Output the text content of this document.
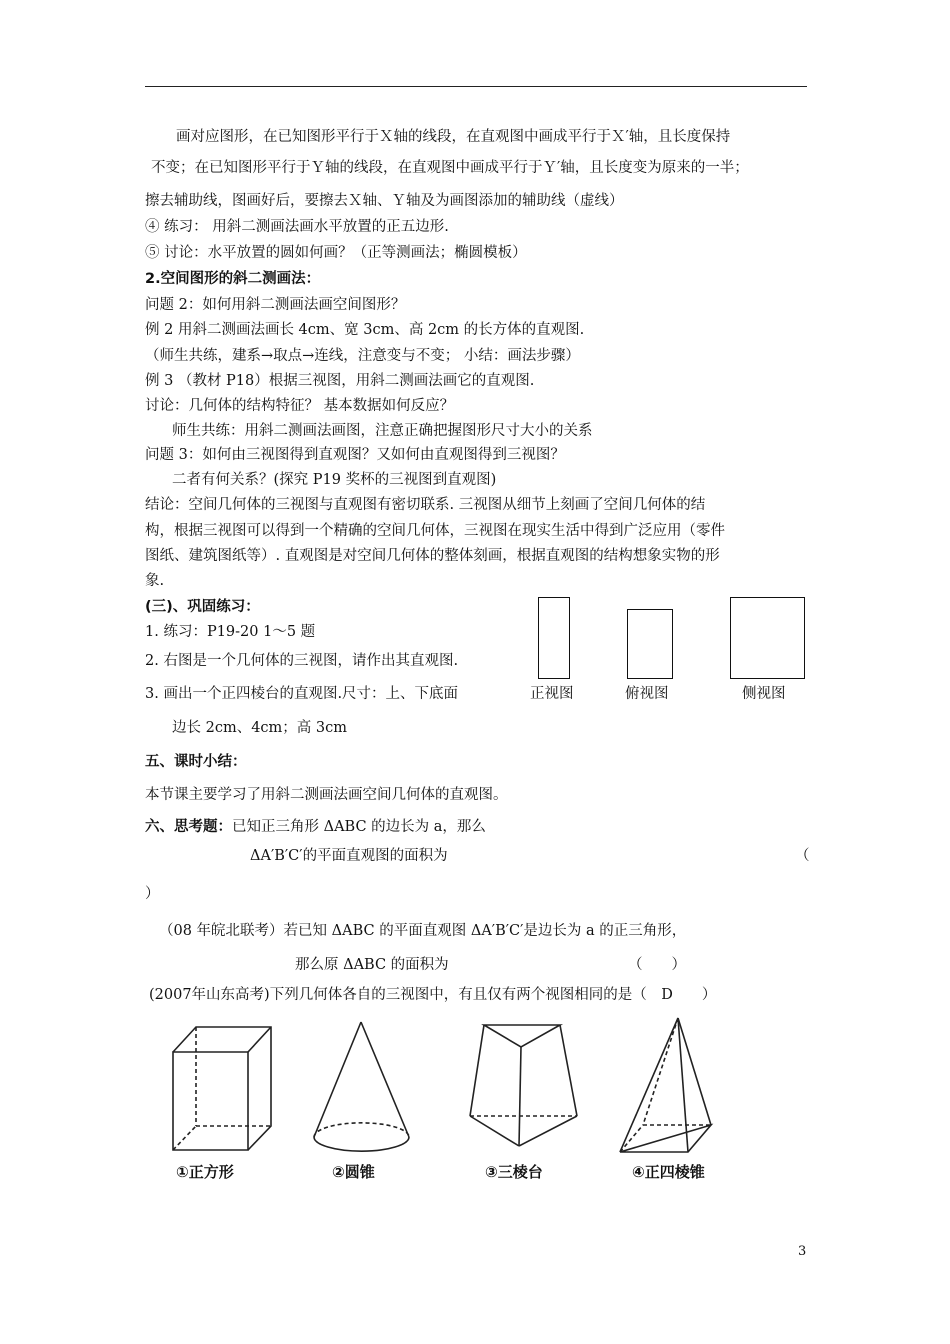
画对应图形，在已知图形平行于Ｘ轴的线段，在直观图中画成平行于Ｘ′轴，且长度保持
不变；在已知图形平行于Ｙ轴的线段，在直观图中画成平行于Ｙ′轴，且长度变为原来的一半；
擦去辅助线，图画好后，要擦去Ｘ轴、Ｙ轴及为画图添加的辅助线（虚线）
④ 练习： 用斜二测画法画水平放置的正五边形.
⑤ 讨论：水平放置的圆如何画？（正等测画法；椭圆模板）
2.空间图形的斜二测画法：
问题 2：如何用斜二测画法画空间图形？
例 2 用斜二测画法画长 4cm、宽 3cm、高 2cm 的长方体的直观图.
（师生共练，建系→取点→连线，注意变与不变； 小结：画法步骤）
例 3 （教材 P18）根据三视图，用斜二测画法画它的直观图.
讨论：几何体的结构特征？ 基本数据如何反应？
师生共练：用斜二测画法画图，注意正确把握图形尺寸大小的关系
问题 3：如何由三视图得到直观图？又如何由直观图得到三视图？
二者有何关系？(探究 P19 奖杯的三视图到直观图)
结论：空间几何体的三视图与直观图有密切联系. 三视图从细节上刻画了空间几何体的结
构，根据三视图可以得到一个精确的空间几何体，三视图在现实生活中得到广泛应用（零件
图纸、建筑图纸等）. 直观图是对空间几何体的整体刻画，根据直观图的结构想象实物的形
象.
(三)、巩固练习：
1. 练习：P19-20 1～5 题
2. 右图是一个几何体的三视图，请作出其直观图.
3. 画出一个正四棱台的直观图.尺寸：上、下底面
边长 2cm、4cm；高 3cm
正视图	俯视图	侧视图
五、课时小结：
本节课主要学习了用斜二测画法画空间几何体的直观图。
六、思考题：已知正三角形 ΔABC 的边长为 a，那么
ΔA′B′C′的平面直观图的面积为	（
）
（08 年皖北联考）若已知 ΔABC 的平面直观图 ΔA′B′C′是边长为 a 的正三角形，
那么原 ΔABC 的面积为	（　　）
(2007年山东高考)下列几何体各自的三视图中，有且仅有两个视图相同的是（　D　　）
①正方形	②圆锥	③三棱台	④正四棱锥
3
